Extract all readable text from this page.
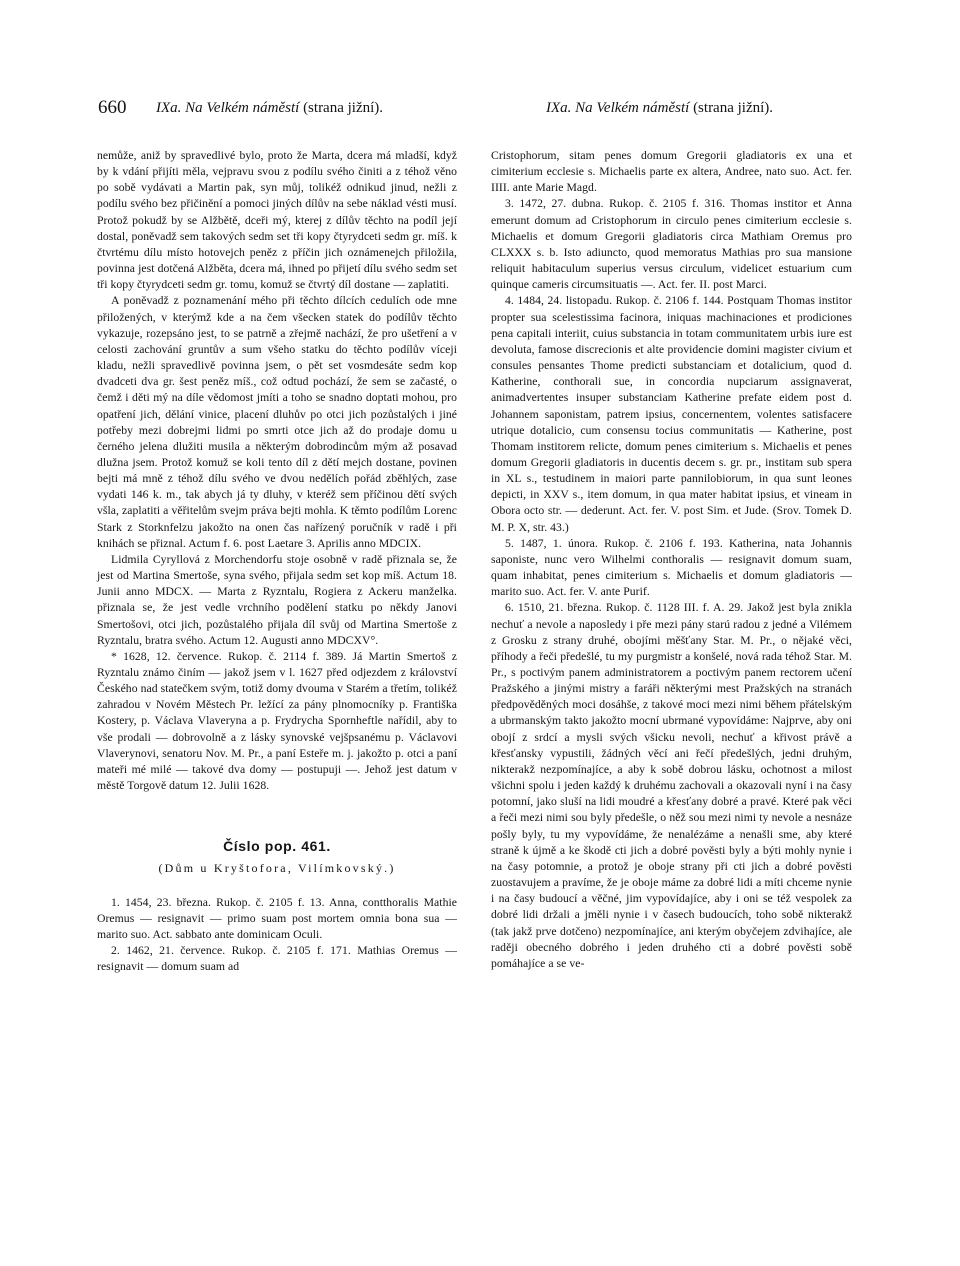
660 IXa. Na Velkém náměstí (strana jižní).	IXa. Na Velkém náměstí (strana jižní).

nemůže, aniž by spravedlivé bylo, proto že Marta, dcera má mladší, když by k vdání přijíti měla, vejpravu svou z podílu svého činiti a z téhož věno po sobě vydávati a Martin pak, syn můj, tolikéž odnikud jinud, nežli z podílu svého bez přičinění a pomoci jiných dílův na sebe náklad vésti musí. Protož pokudž by se Alžbětě, dceři mý, kterej z dílův těchto na podíl její dostal, poněvadž sem takových sedm set tři kopy čtyrydceti sedm gr. míš. k čtvrtému dílu místo hotovejch peněz z příčin jich oznámenejch přiložila, povinna jest dotčená Alžběta, dcera má, ihned po přijetí dílu svého sedm set tři kopy čtyrydceti sedm gr. tomu, komuž se čtvrtý díl dostane — zaplatiti.

A poněvadž z poznamenání mého při těchto dílcích cedulích ode mne přiložených, v kterýmž kde a na čem všecken statek do podílův těchto vykazuje, rozepsáno jest, to se patrně a zřejmě nachází, že pro ušetření a v celosti zachování gruntův a sum všeho statku do těchto podílův víceji kladu, nežli spravedlivě povinna jsem, o pět set vosmdesáte sedm kop dvadceti dva gr. šest peněz míš., což odtud pochází, že sem se začasté, o čemž i děti mý na díle vědomost jmíti a toho se snadno doptati mohou, pro opatření jich, dělání vinice, placení dluhův po otci jich pozůstalých i jiné potřeby mezi dobrejmi lidmi po smrti otce jich až do prodaje domu u černého jelena dlužiti musila a některým dobrodincům mým až posavad dlužna jsem. Protož komuž se koli tento díl z dětí mejch dostane, povinen bejti má mně z téhož dílu svého ve dvou nedělích pořád zběhlých, zase vydati 146 k. m., tak abych já ty dluhy, v kteréž sem příčinou dětí svých všla, zaplatiti a věřitelům svejm práva bejti mohla. K těmto podílům Lorenc Stark z Storknfelzu jakožto na onen čas nařízený poručník v radě i při knihách se přiznal. Actum f. 6. post Laetare 3. Aprilis anno MDCIX.

Lidmila Cyryllová z Morchendorfu stoje osobně v radě přiznala se, že jest od Martina Smertoše, syna svého, přijala sedm set kop míš. Actum 18. Junii anno MDCX. — Marta z Ryzntalu, Rogiera z Ackeru manželka. přiznala se, že jest vedle vrchního podělení statku po někdy Janovi Smertošovi, otci jich, pozůstalého přijala díl svůj od Martina Smertoše z Ryzntalu, bratra svého. Actum 12. Augusti anno MDCXV°.

* 1628, 12. července. Rukop. č. 2114 f. 389. Já Martin Smertoš z Ryzntalu známo činím — jakož jsem v l. 1627 před odjezdem z království Českého nad statečkem svým, totiž domy dvouma v Starém a třetím, tolikéž zahradou v Novém Městech Pr. ležící za pány plnomocníky p. Františka Kostery, p. Václava Vlaveryna a p. Frydrycha Spornheftle nařídil, aby to vše prodali — dobrovolně a z lásky synovské vejšpsanému p. Václavovi Vlaverynovi, senatoru Nov. M. Pr., a paní Esteře m. j. jakožto p. otci a paní mateři mé milé — takové dva domy — postupuji —. Jehož jest datum v městě Torgově datum 12. Julii 1628.

Číslo pop. 461.
(Dům u Kryštofora, Vilímkovský.)

1. 1454, 23. března. Rukop. č. 2105 f. 13. Anna, contthoralis Mathie Oremus — resignavit — primo suam post mortem omnia bona sua — marito suo. Act. sabbato ante dominicam Oculi.

2. 1462, 21. července. Rukop. č. 2105 f. 171. Mathias Oremus — resignavit — domum suam ad

Cristophorum, sitam penes domum Gregorii gladiatoris ex una et cimiterium ecclesie s. Michaelis parte ex altera, Andree, nato suo. Act. fer. IIII. ante Marie Magd.

3. 1472, 27. dubna. Rukop. č. 2105 f. 316. Thomas institor et Anna emerunt domum ad Cristophorum in circulo penes cimiterium ecclesie s. Michaelis et domum Gregorii gladiatoris circa Mathiam Oremus pro CLXXX s. b. Isto adiuncto, quod memoratus Mathias pro sua mansione reliquit habitaculum superius versus circulum, videlicet estuarium cum quinque cameris circumsituatis —. Act. fer. II. post Marci.

4. 1484, 24. listopadu. Rukop. č. 2106 f. 144. Postquam Thomas institor propter sua scelestissima facinora, iniquas machinaciones et prodiciones pena capitali interiit, cuius substancia in totam communitatem urbis iure est devoluta, famose discrecionis et alte providencie domini magister civium et consules pensantes Thome predicti substanciam et dotalicium, quod d. Katherine, conthorali sue, in concordia nupciarum assignaverat, animadvertentes insuper substanciam Katherine prefate eidem post d. Johannem saponistam, patrem ipsius, concernentem, volentes satisfacere utrique dotalicio, cum consensu tocius communitatis — Katherine, post Thomam institorem relicte, domum penes cimiterium s. Michaelis et penes domum Gregorii gladiatoris in ducentis decem s. gr. pr., institam sub spera in XL s., testudinem in maiori parte pannilobiorum, in qua sunt leones depicti, in XXV s., item domum, in qua mater habitat ipsius, et vineam in Obora octo str. — dederunt. Act. fer. V. post Sim. et Jude. (Srov. Tomek D. M. P. X, str. 43.)

5. 1487, 1. února. Rukop. č. 2106 f. 193. Katherina, nata Johannis saponiste, nunc vero Wilhelmi conthoralis — resignavit domum suam, quam inhabitat, penes cimiterium s. Michaelis et domum gladiatoris — marito suo. Act. fer. V. ante Purif.

6. 1510, 21. března. Rukop. č. 1128 III. f. A. 29. Jakož jest byla znikla nechuť a nevole a naposledy i pře mezi pány starú radou z jedné a Vilémem z Grosku z strany druhé, obojími měšťany Star. M. Pr., o nějaké věci, příhody a řeči předešlé, tu my purgmistr a konšelé, nová rada téhož Star. M. Pr., s poctivým panem administratorem a poctivým panem rectorem učení Pražského a jinými mistry a faráři některými mest Pražských na stranách předpověděných moci dosáhše, z takové moci mezi nimi během přátelským a ubrmanským takto jakožto mocní ubrmané vypovídáme: Najprve, aby oni obojí z srdcí a mysli svých všicku nevoli, nechuť a křivost právě a křesťansky vypustili, žádných věcí ani řečí předešlých, jedni druhým, nikterakž nezpomínajíce, a aby k sobě dobrou lásku, ochotnost a milost všichni spolu i jeden každý k druhému zachovali a okazovali nyní i na časy potomní, jako sluší na lidi moudré a křesťany dobré a pravé. Které pak věci a řeči mezi nimi sou byly předešle, o něž sou mezi nimi ty nevole a nesnáze pošly byly, tu my vypovídáme, že nenalézáme a nenašli sme, aby které straně k újmě a ke škodě cti jich a dobré pověsti byly a býti mohly nynie i na časy potomnie, a protož je oboje strany při cti jich a dobré pověsti zuostavujem a pravíme, že je oboje máme za dobré lidi a míti chceme nynie i na časy budoucí a věčné, jim vypovídajíce, aby i oni se též vespolek za dobré lidi držali a jměli nynie i v časech budoucích, toho sobě nikterakž (tak jakž prve dotčeno) nezpomínajíce, ani kterým obyčejem zdvihajíce, ale raději obecného dobrého i jeden druhého cti a dobré pověsti sobě pomáhajíce a se ve-
